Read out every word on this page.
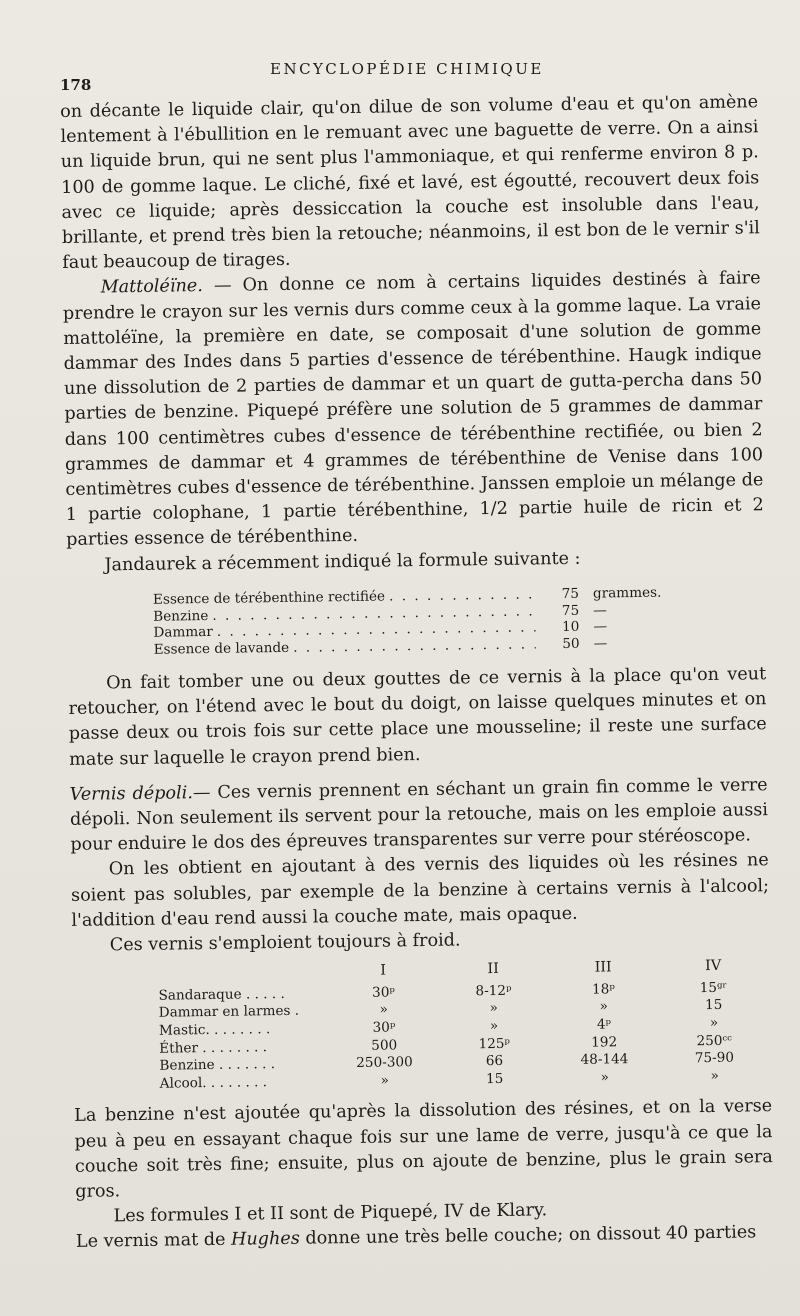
178
ENCYCLOPÉDIE CHIMIQUE

on décante le liquide clair, qu'on dilue de son volume d'eau et qu'on amène lentement à l'ébullition en le remuant avec une baguette de verre. On a ainsi un liquide brun, qui ne sent plus l'ammoniaque, et qui renferme environ 8 p. 100 de gomme laque. Le cliché, fixé et lavé, est égoutté, recouvert deux fois avec ce liquide; après dessiccation la couche est insoluble dans l'eau, brillante, et prend très bien la retouche; néanmoins, il est bon de le vernir s'il faut beaucoup de tirages.

Mattoléïne. — On donne ce nom à certains liquides destinés à faire prendre le crayon sur les vernis durs comme ceux à la gomme laque. La vraie mattoléïne, la première en date, se composait d'une solution de gomme dammar des Indes dans 5 parties d'essence de térébenthine. Haugk indique une dissolution de 2 parties de dammar et un quart de gutta-percha dans 50 parties de benzine. Piquepé préfère une solution de 5 grammes de dammar dans 100 centimètres cubes d'essence de térébenthine rectifiée, ou bien 2 grammes de dammar et 4 grammes de térébenthine de Venise dans 100 centimètres cubes d'essence de térébenthine. Janssen emploie un mélange de 1 partie colophane, 1 partie térébenthine, 1/2 partie huile de ricin et 2 parties essence de térébenthine.

Jandaurek a récemment indiqué la formule suivante :

Essence de térébenthine rectifiée . . .	75	grammes.
Benzine . . .	75	—
Dammar . . .	10	—
Essence de lavande . . .	50	—

On fait tomber une ou deux gouttes de ce vernis à la place qu'on veut retoucher, on l'étend avec le bout du doigt, on laisse quelques minutes et on passe deux ou trois fois sur cette place une mousseline; il reste une surface mate sur laquelle le crayon prend bien.

Vernis dépoli.— Ces vernis prennent en séchant un grain fin comme le verre dépoli. Non seulement ils servent pour la retouche, mais on les emploie aussi pour enduire le dos des épreuves transparentes sur verre pour stéréoscope.

On les obtient en ajoutant à des vernis des liquides où les résines ne soient pas solubles, par exemple de la benzine à certains vernis à l'alcool; l'addition d'eau rend aussi la couche mate, mais opaque.

Ces vernis s'emploient toujours à froid.

	I	II	III	IV
Sandaraque . . . . .	30ᵖ	8-12ᵖ	18ᵖ	15ᵍʳ
Dammar en larmes .	»	»	»	15
Mastic. . . . . . . .	30ᵖ	»	4ᵖ	»
Éther . . . . . . . .	500	125ᵖ	192	250ᶜᶜ
Benzine . . . . . . .	250-300	66	48-144	75-90
Alcool. . . . . . . .	»	15	»	»

La benzine n'est ajoutée qu'après la dissolution des résines, et on la verse peu à peu en essayant chaque fois sur une lame de verre, jusqu'à ce que la couche soit très fine; ensuite, plus on ajoute de benzine, plus le grain sera gros.

Les formules I et II sont de Piquepé, IV de Klary.

Le vernis mat de Hughes donne une très belle couche; on dissout 40 parties
